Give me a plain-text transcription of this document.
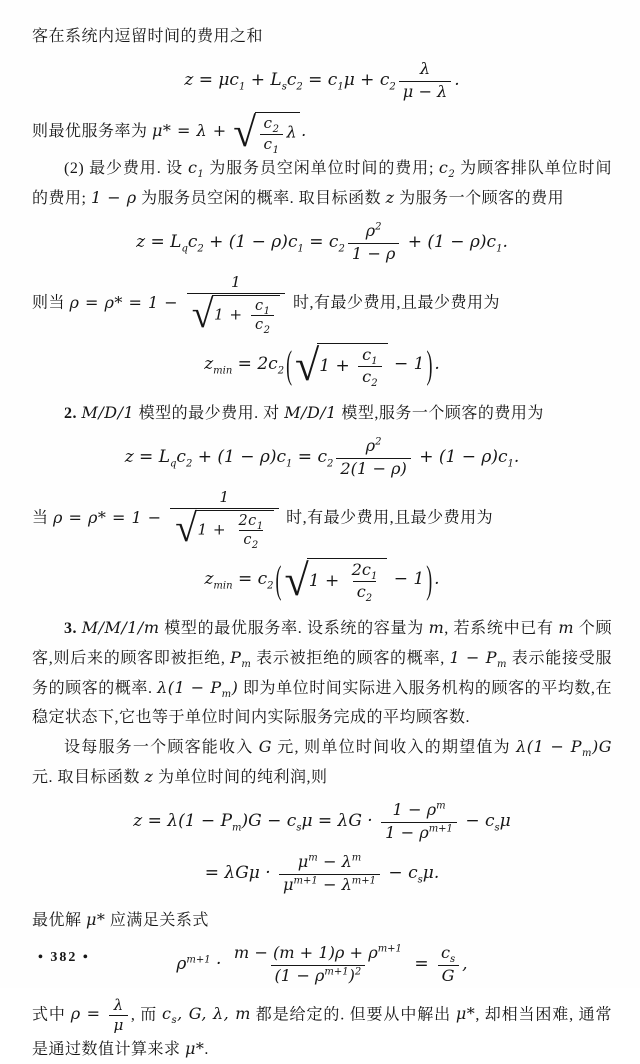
客在系统内逗留时间的费用之和
$z = \mu c_1 + L_sc_2 = c_1\mu + c_2 \frac{\lambda}{\mu - \lambda}$ .
则最优服务率为 μ* = λ + √ $\frac{c_2}{c_1}$ λ .
(2) 最少费用. 设 $c_1$ 为服务员空闲单位时间的费用; $c_2$ 为顾客排队单位时间的费用; 1 − ρ 为服务员空闲的概率. 取目标函数 z 为服务一个顾客的费用
$z = L_qc_2 + (1 - \rho)c_1 = c_2 \frac{\rho^2}{1 - \rho} + (1 - \rho)c_1$.
则当 $\rho = \rho* = 1 - \frac{1}{√ 1 + \frac{c_1}{c_2}}$ 时,有最少费用,且最少费用为
$z_{min} = 2c_2$ ( √ $1 + \frac{c_1}{c_2} - 1$ ) .
2. M/D/1 模型的最少费用. 对 M/D/1 模型,服务一个顾客的费用为
$z = L_qc_2 + (1 - \rho)c_1 = c_2 \frac{\rho^2}{2(1 - \rho)} + (1 - \rho)c_1$.
当 $\rho = \rho* = 1 - \frac{1}{√ 1 + \frac{2c_1}{c_2}}$ 时,有最少费用,且最少费用为
$z_{min} = c_2$ ( √ $1 + \frac{2c_1}{c_2} - 1$ ) .
3. M/M/1/m 模型的最优服务率. 设系统的容量为 m, 若系统中已有 m 个顾客,则后来的顾客即被拒绝, $P_m$ 表示被拒绝的顾客的概率, $1 - P_m$ 表示能接受服务的顾客的概率. $\lambda(1 - P_m)$ 即为单位时间实际进入服务机构的顾客的平均数,在稳定状态下,它也等于单位时间内实际服务完成的平均顾客数.
设每服务一个顾客能收入 G 元, 则单位时间收入的期望值为 $\lambda(1 - P_m)G$ 元. 取目标函数 z 为单位时间的纯利润,则
$z = \lambda(1 - P_m)G - c_s\mu = \lambda G \cdot \frac{1 - \rho^m}{1 - \rho^{m+1}} - c_s\mu$
= $\lambda G\mu \cdot \frac{\mu^m - \lambda^m}{\mu^{m+1} - \lambda^{m+1}} - c_s\mu$.
最优解 μ* 应满足关系式
$\rho^{m+1} \cdot \frac{m - (m + 1)\rho + \rho^{m+1}}{(1 - \rho^{m+1})^2} = \frac{c_s}{G}$ ,
式中 $\rho = \frac{\lambda}{\mu}$ , 而 $c_s$, G, λ, m 都是给定的. 但要从中解出 μ*, 却相当困难, 通常是通过数值计算来求 μ*.
• 382 •
